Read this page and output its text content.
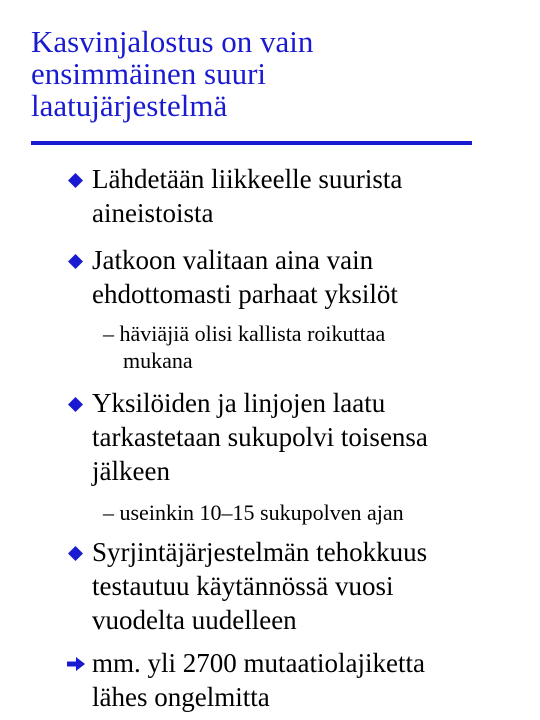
Kasvinjalostus on vain
ensimmäinen suuri
laatujärjestelmä
Lähdetään liikkeelle suurista
aineistoista
Jatkoon valitaan aina vain
ehdottomasti parhaat yksilöt
– häviäjiä olisi kallista roikuttaa
mukana
Yksilöiden ja linjojen laatu
tarkastetaan sukupolvi toisensa
jälkeen
– useinkin 10–15 sukupolven ajan
Syrjintäjärjestelmän tehokkuus
testautuu käytännössä vuosi
vuodelta uudelleen
mm. yli 2700 mutaatiolajiketta
lähes ongelmitta
